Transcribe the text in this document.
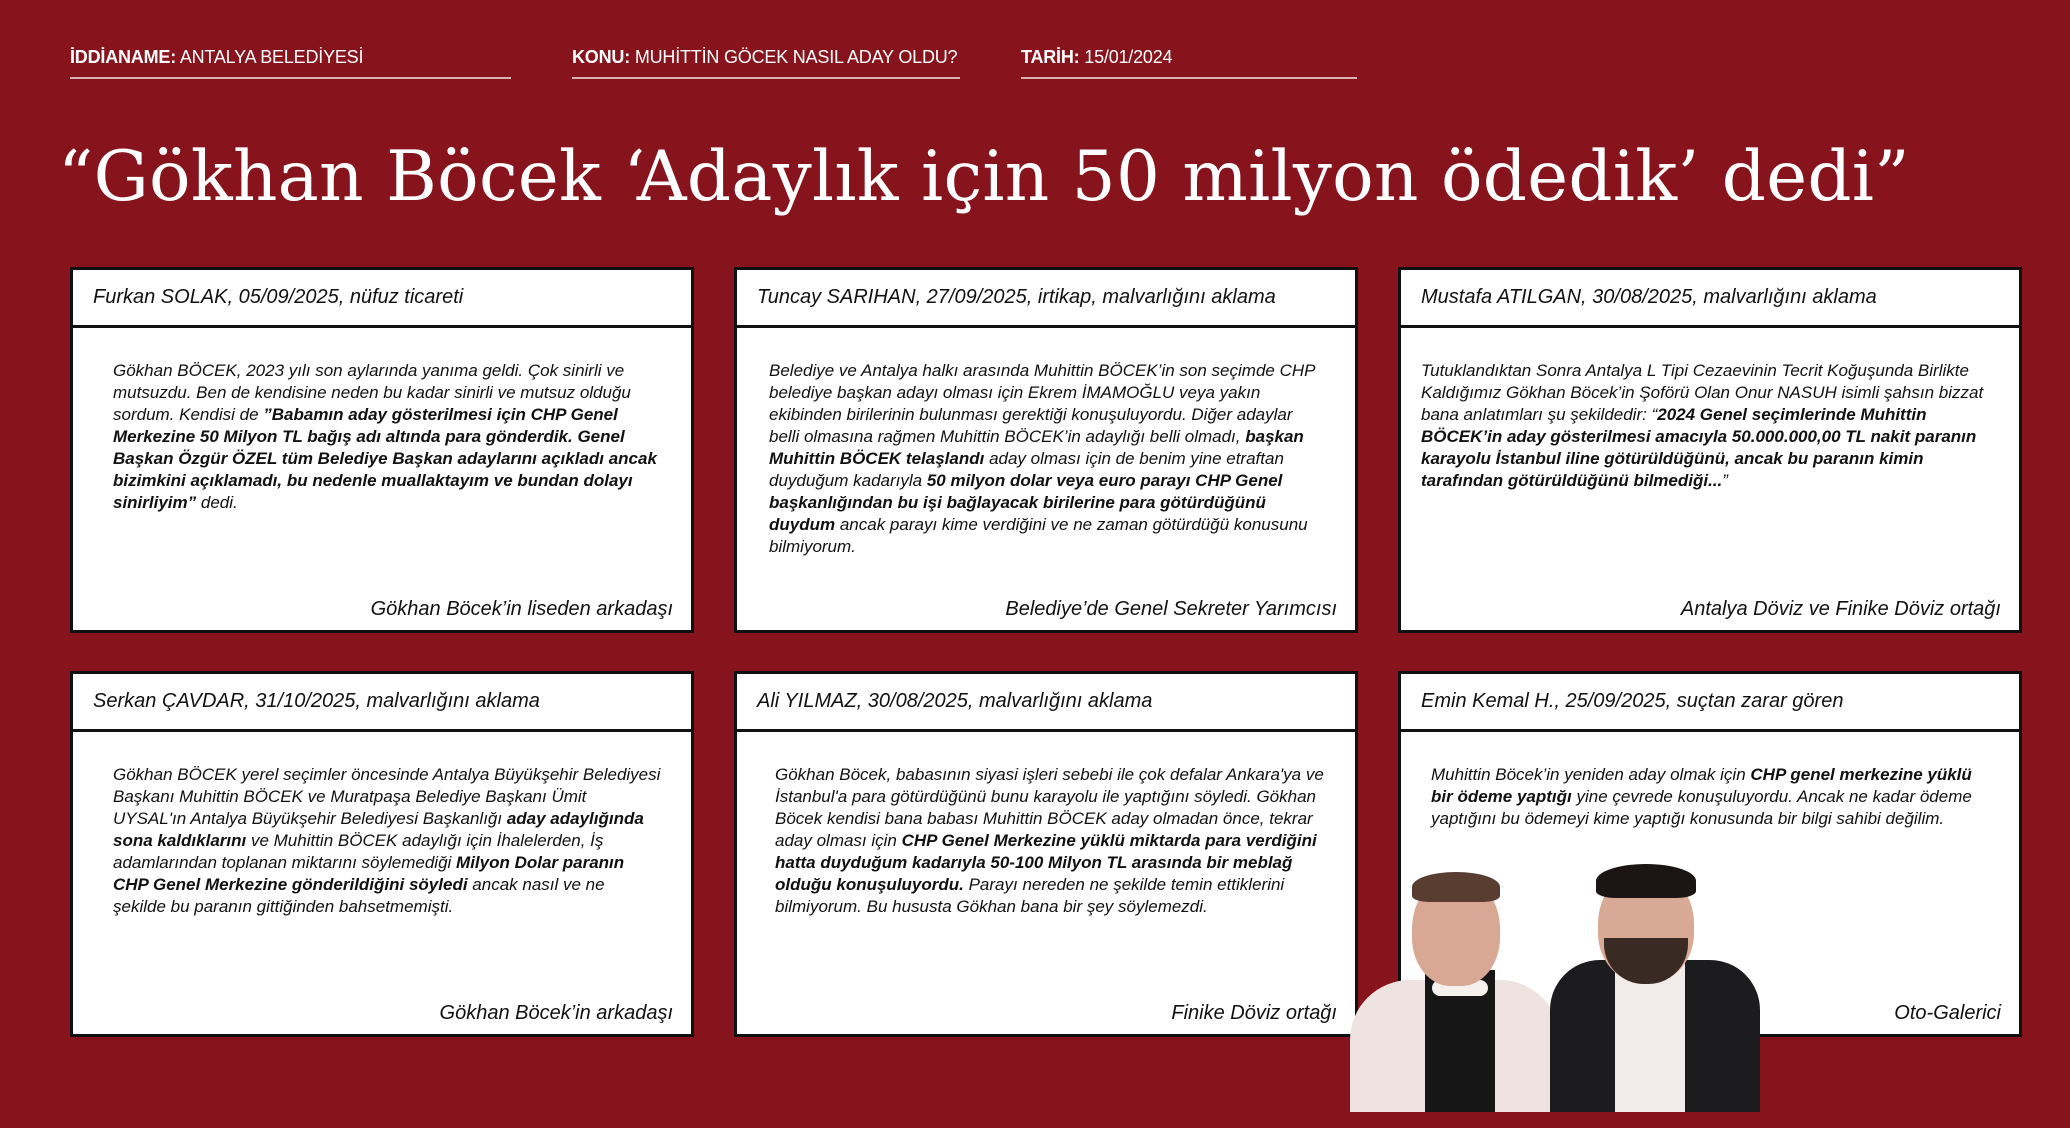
İDDİANAME: ANTALYA BELEDİYESİ	KONU: MUHİTTİN GÖCEK NASIL ADAY OLDU?	TARİH: 15/01/2024
“Gökhan Böcek ‘Adaylık için 50 milyon ödedik’ dedi”
Furkan SOLAK, 05/09/2025, nüfuz ticareti
Gökhan BÖCEK, 2023 yılı son aylarında yanıma geldi. Çok sinirli ve mutsuzdu. Ben de kendisine neden bu kadar sinirli ve mutsuz olduğu sordum. Kendisi de ”Babamın aday gösterilmesi için CHP Genel Merkezine 50 Milyon TL bağış adı altında para gönderdik. Genel Başkan Özgür ÖZEL tüm Belediye Başkan adaylarını açıkladı ancak bizimkini açıklamadı, bu nedenle muallaktayım ve bundan dolayı sinirliyim” dedi.
Gökhan Böcek’in liseden arkadaşı
Tuncay SARIHAN, 27/09/2025, irtikap, malvarlığını aklama
Belediye ve Antalya halkı arasında Muhittin BÖCEK’in son seçimde CHP belediye başkan adayı olması için Ekrem İMAMOĞLU veya yakın ekibinden birilerinin bulunması gerektiği konuşuluyordu. Diğer adaylar belli olmasına rağmen Muhittin BÖCEK’in adaylığı belli olmadı, başkan Muhittin BÖCEK telaşlandı aday olması için de benim yine etraftan duyduğum kadarıyla 50 milyon dolar veya euro parayı CHP Genel başkanlığından bu işi bağlayacak birilerine para götürdüğünü duydum ancak parayı kime verdiğini ve ne zaman götürdüğü konusunu bilmiyorum.
Belediye’de Genel Sekreter Yarımcısı
Mustafa ATILGAN, 30/08/2025, malvarlığını aklama
Tutuklandıktan Sonra Antalya L Tipi Cezaevinin Tecrit Koğuşunda Birlikte Kaldığımız Gökhan Böcek’in Şoförü Olan Onur NASUH isimli şahsın bizzat bana anlatımları şu şekildedir: “2024 Genel seçimlerinde Muhittin BÖCEK’in aday gösterilmesi amacıyla 50.000.000,00 TL nakit paranın karayolu İstanbul iline götürüldüğünü, ancak bu paranın kimin tarafından götürüldüğünü bilmediği...”
Antalya Döviz ve Finike Döviz ortağı
Serkan ÇAVDAR, 31/10/2025, malvarlığını aklama
Gökhan BÖCEK yerel seçimler öncesinde Antalya Büyükşehir Belediyesi Başkanı Muhittin BÖCEK ve Muratpaşa Belediye Başkanı Ümit UYSAL'ın Antalya Büyükşehir Belediyesi Başkanlığı aday adaylığında sona kaldıklarını ve Muhittin BÖCEK adaylığı için İhalelerden, İş adamlarından toplanan miktarını söylemediği Milyon Dolar paranın CHP Genel Merkezine gönderildiğini söyledi ancak nasıl ve ne şekilde bu paranın gittiğinden bahsetmemişti.
Gökhan Böcek’in arkadaşı
Ali YILMAZ, 30/08/2025, malvarlığını aklama
Gökhan Böcek, babasının siyasi işleri sebebi ile çok defalar Ankara'ya ve İstanbul'a para götürdüğünü bunu karayolu ile yaptığını söyledi. Gökhan Böcek kendisi bana babası Muhittin BÖCEK aday olmadan önce, tekrar aday olması için CHP Genel Merkezine yüklü miktarda para verdiğini hatta duyduğum kadarıyla 50-100 Milyon TL arasında bir meblağ olduğu konuşuluyordu. Parayı nereden ne şekilde temin ettiklerini bilmiyorum. Bu hususta Gökhan bana bir şey söylemezdi.
Finike Döviz ortağı
Emin Kemal H., 25/09/2025, suçtan zarar gören
Muhittin Böcek’in yeniden aday olmak için CHP genel merkezine yüklü bir ödeme yaptığı yine çevrede konuşuluyordu. Ancak ne kadar ödeme yaptığını bu ödemeyi kime yaptığı konusunda bir bilgi sahibi değilim.
Oto-Galerici
